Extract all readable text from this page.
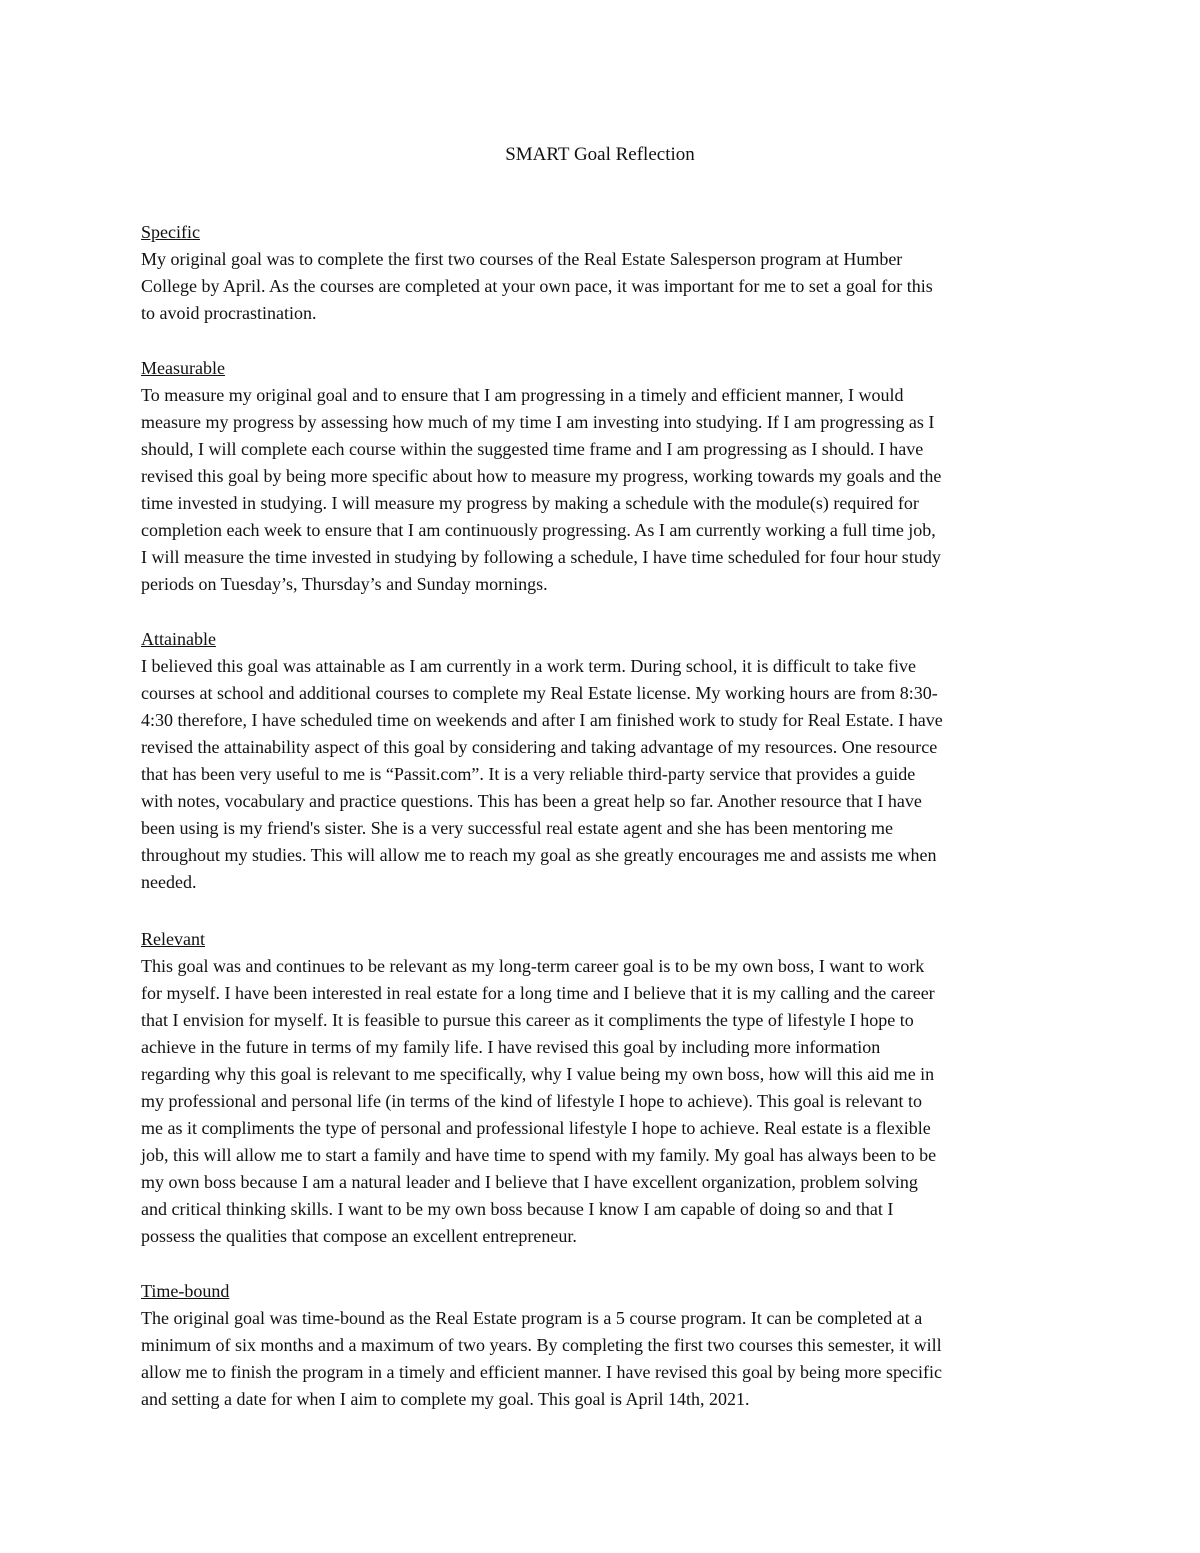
SMART Goal Reflection
Specific
My original goal was to complete the first two courses of the Real Estate Salesperson program at Humber
College by April. As the courses are completed at your own pace, it was important for me to set a goal for this
to avoid procrastination.
Measurable
To measure my original goal and to ensure that I am progressing in a timely and efficient manner, I would
measure my progress by assessing how much of my time I am investing into studying. If I am progressing as I
should, I will complete each course within the suggested time frame and I am progressing as I should. I have
revised this goal by being more specific about how to measure my progress, working towards my goals and the
time invested in studying. I will measure my progress by making a schedule with the module(s) required for
completion each week to ensure that I am continuously progressing. As I am currently working a full time job,
I will measure the time invested in studying by following a schedule, I have time scheduled for four hour study
periods on Tuesday’s, Thursday’s and Sunday mornings.
Attainable
I believed this goal was attainable as I am currently in a work term. During school, it is difficult to take five
courses at school and additional courses to complete my Real Estate license. My working hours are from 8:30-
4:30 therefore, I have scheduled time on weekends and after I am finished work to study for Real Estate. I have
revised the attainability aspect of this goal by considering and taking advantage of my resources. One resource
that has been very useful to me is “Passit.com”. It is a very reliable third-party service that provides a guide
with notes, vocabulary and practice questions. This has been a great help so far. Another resource that I have
been using is my friend's sister. She is a very successful real estate agent and she has been mentoring me
throughout my studies. This will allow me to reach my goal as she greatly encourages me and assists me when
needed.
Relevant
This goal was and continues to be relevant as my long-term career goal is to be my own boss, I want to work
for myself. I have been interested in real estate for a long time and I believe that it is my calling and the career
that I envision for myself. It is feasible to pursue this career as it compliments the type of lifestyle I hope to
achieve in the future in terms of my family life. I have revised this goal by including more information
regarding why this goal is relevant to me specifically, why I value being my own boss, how will this aid me in
my professional and personal life (in terms of the kind of lifestyle I hope to achieve). This goal is relevant to
me as it compliments the type of personal and professional lifestyle I hope to achieve. Real estate is a flexible
job, this will allow me to start a family and have time to spend with my family. My goal has always been to be
my own boss because I am a natural leader and I believe that I have excellent organization, problem solving
and critical thinking skills. I want to be my own boss because I know I am capable of doing so and that I
possess the qualities that compose an excellent entrepreneur.
Time-bound
The original goal was time-bound as the Real Estate program is a 5 course program. It can be completed at a
minimum of six months and a maximum of two years. By completing the first two courses this semester, it will
allow me to finish the program in a timely and efficient manner. I have revised this goal by being more specific
and setting a date for when I aim to complete my goal. This goal is April 14th, 2021.
